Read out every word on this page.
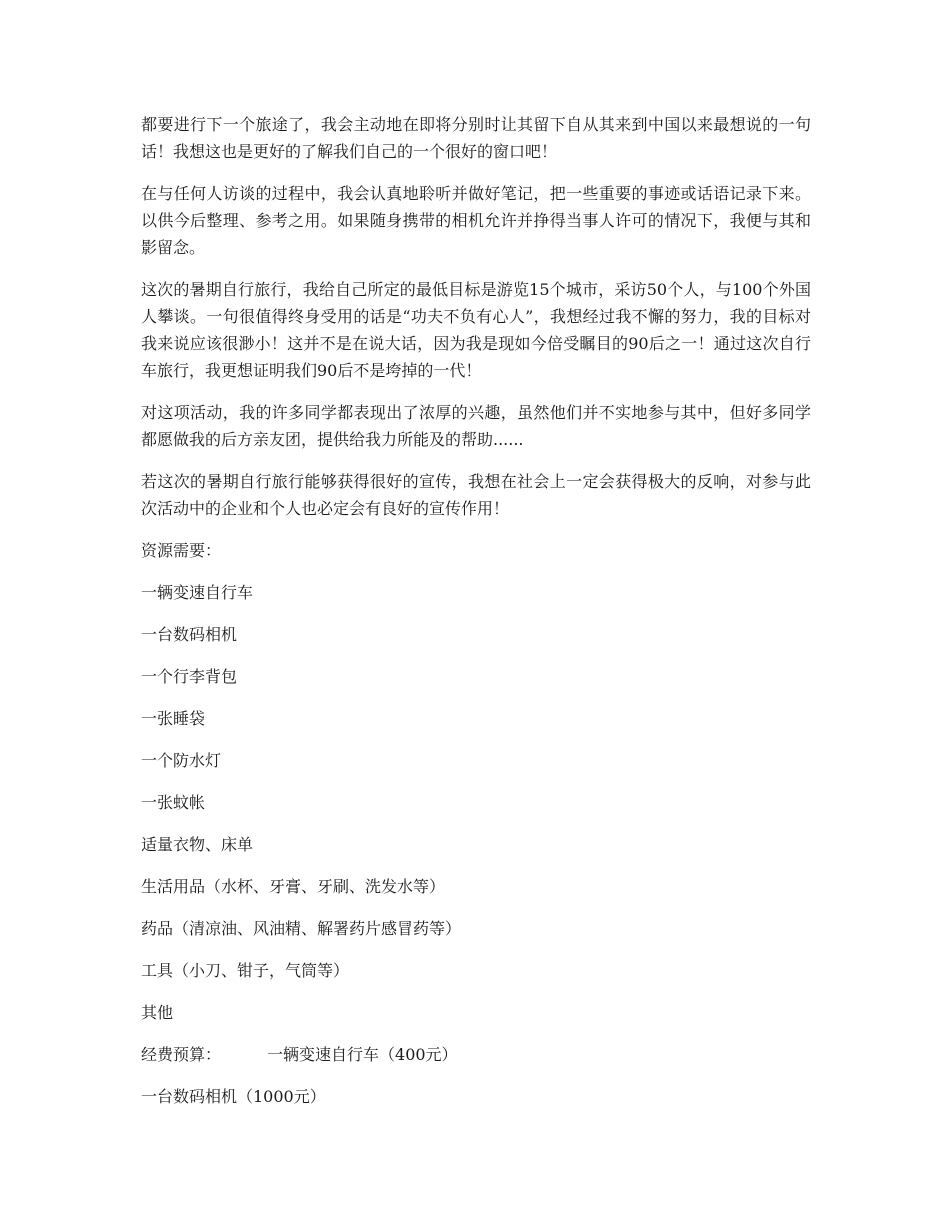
都要进行下一个旅途了，我会主动地在即将分别时让其留下自从其来到中国以来最想说的一句话！我想这也是更好的了解我们自己的一个很好的窗口吧！

在与任何人访谈的过程中，我会认真地聆听并做好笔记，把一些重要的事迹或话语记录下来。以供今后整理、参考之用。如果随身携带的相机允许并挣得当事人许可的情况下，我便与其和影留念。

这次的暑期自行旅行，我给自己所定的最低目标是游览15个城市，采访50个人，与100个外国人攀谈。一句很值得终身受用的话是“功夫不负有心人”，我想经过我不懈的努力，我的目标对我来说应该很渺小！这并不是在说大话，因为我是现如今倍受瞩目的90后之一！通过这次自行车旅行，我更想证明我们90后不是垮掉的一代！

对这项活动，我的许多同学都表现出了浓厚的兴趣，虽然他们并不实地参与其中，但好多同学都愿做我的后方亲友团，提供给我力所能及的帮助......

若这次的暑期自行旅行能够获得很好的宣传，我想在社会上一定会获得极大的反响，对参与此次活动中的企业和个人也必定会有良好的宣传作用！

资源需要：
一辆变速自行车
一台数码相机
一个行李背包
一张睡袋
一个防水灯
一张蚊帐
适量衣物、床单
生活用品（水杯、牙膏、牙刷、洗发水等）
药品（清凉油、风油精、解署药片感冒药等）
工具（小刀、钳子，气筒等）
其他
经费预算：	一辆变速自行车（400元）
一台数码相机（1000元）
